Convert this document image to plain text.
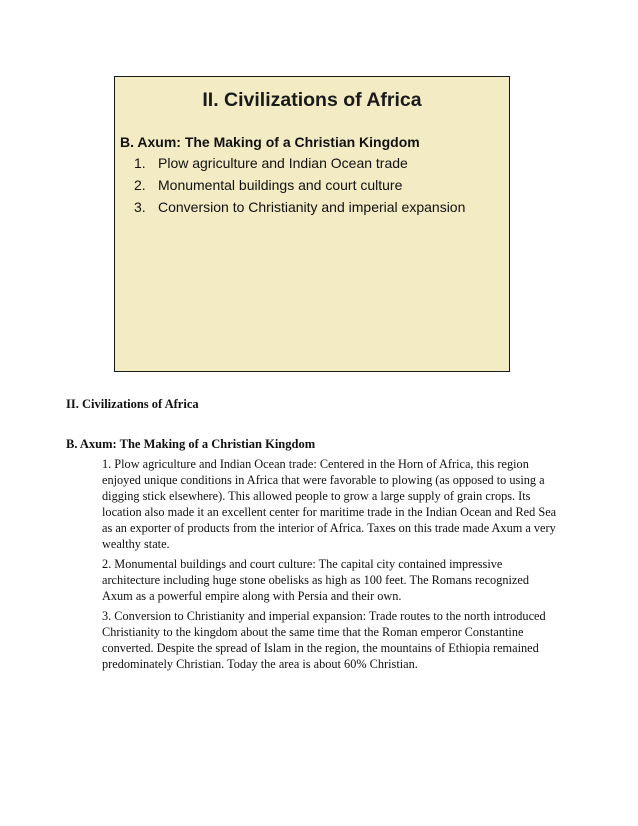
II. Civilizations of Africa
B. Axum: The Making of a Christian Kingdom
1. Plow agriculture and Indian Ocean trade
2. Monumental buildings and court culture
3. Conversion to Christianity and imperial expansion

II. Civilizations of Africa

B. Axum: The Making of a Christian Kingdom

1. Plow agriculture and Indian Ocean trade: Centered in the Horn of Africa, this region enjoyed unique conditions in Africa that were favorable to plowing (as opposed to using a digging stick elsewhere). This allowed people to grow a large supply of grain crops. Its location also made it an excellent center for maritime trade in the Indian Ocean and Red Sea as an exporter of products from the interior of Africa. Taxes on this trade made Axum a very wealthy state.

2. Monumental buildings and court culture: The capital city contained impressive architecture including huge stone obelisks as high as 100 feet. The Romans recognized Axum as a powerful empire along with Persia and their own.

3. Conversion to Christianity and imperial expansion: Trade routes to the north introduced Christianity to the kingdom about the same time that the Roman emperor Constantine converted. Despite the spread of Islam in the region, the mountains of Ethiopia remained predominately Christian. Today the area is about 60% Christian.
